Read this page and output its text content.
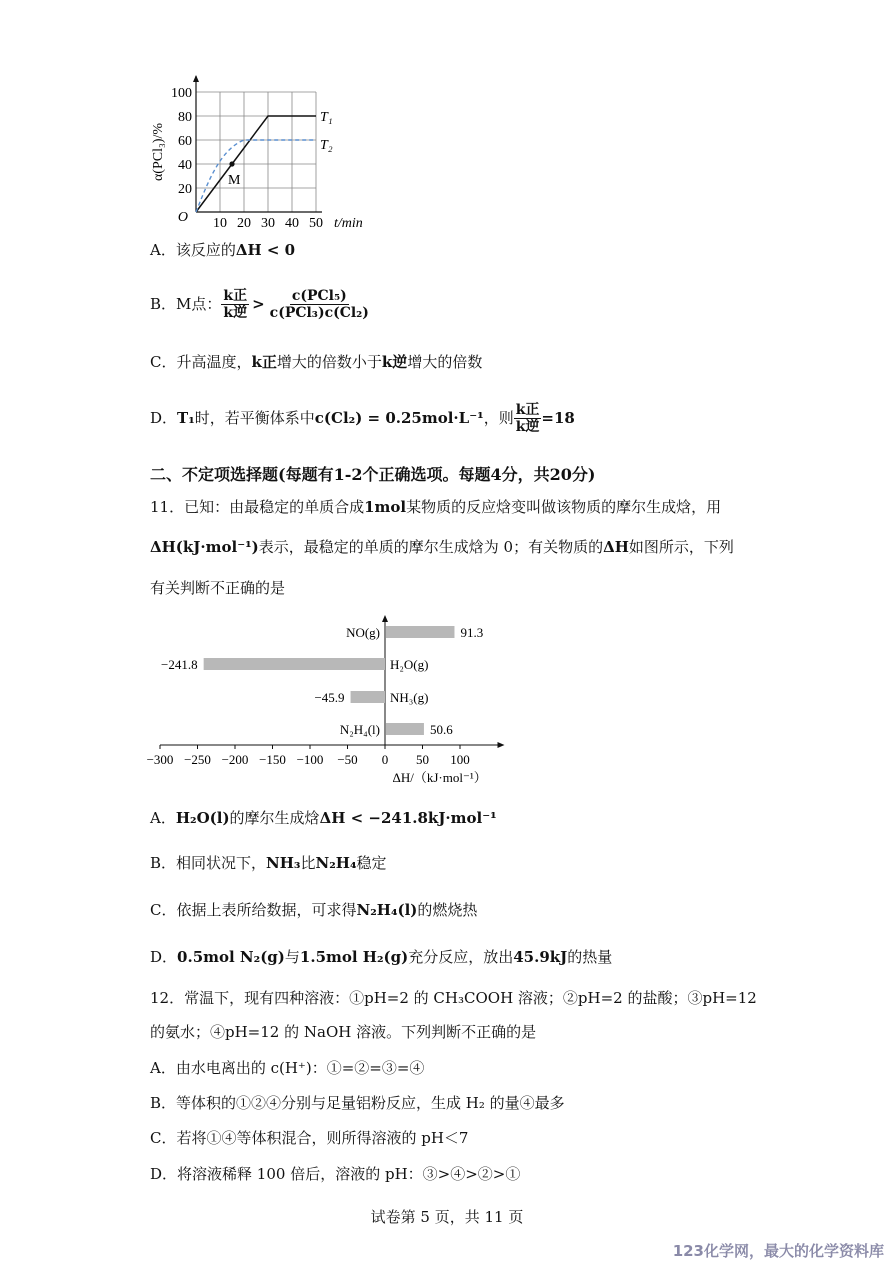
10 20 30 40 50
20
40
60
80
100
O	t/min
α(PCl₃)/%	M
T₁
T₂
A．该反应的ΔH < 0
B．M点： $\frac{\text{k正}}{\text{k逆}} > \frac{\text{c(PCl₅)}}{\text{c(PCl₃)c(Cl₂)}}$
C．升高温度，k正增大的倍数小于k逆增大的倍数
D． T₁ 时，若平衡体系中 c(Cl₂) = 0.25mol·L⁻¹ ，则 $\frac{\text{k正}}{\text{k逆}} =18$
二、不定项选择题(每题有1-2个正确选项。每题4分，共20分)
11．已知：由最稳定的单质合成1mol某物质的反应焓变叫做该物质的摩尔生成焓，用
ΔH(kJ·mol⁻¹)表示，最稳定的单质的摩尔生成焓为 0；有关物质的ΔH如图所示，下列
有关判断不正确的是
−300 −250 −200 −150 −100 −50 0 50 100
ΔH/（kJ·mol⁻¹）
NO(g)	91.3
H₂O(g)
−241.8
NH₃(g)
−45.9
N₂H₄(l)	50.6
A．H₂O(l)的摩尔生成焓ΔH < −241.8kJ·mol⁻¹
B．相同状况下，NH₃比N₂H₄稳定
C．依据上表所给数据，可求得N₂H₄(l)的燃烧热
D．0.5mol N₂(g)与1.5mol H₂(g)充分反应，放出45.9kJ的热量
12．常温下，现有四种溶液：①pH=2 的 CH₃COOH 溶液；②pH=2 的盐酸；③pH=12
的氨水；④pH=12 的 NaOH 溶液。下列判断不正确的是
A．由水电离出的 c(H⁺)：①=②=③=④
B．等体积的①②④分别与足量铝粉反应，生成 H₂ 的量④最多
C．若将①④等体积混合，则所得溶液的 pH＜7
D．将溶液稀释 100 倍后，溶液的 pH：③>④>②>①
试卷第 5 页，共 11 页
123化学网，最大的化学资料库
